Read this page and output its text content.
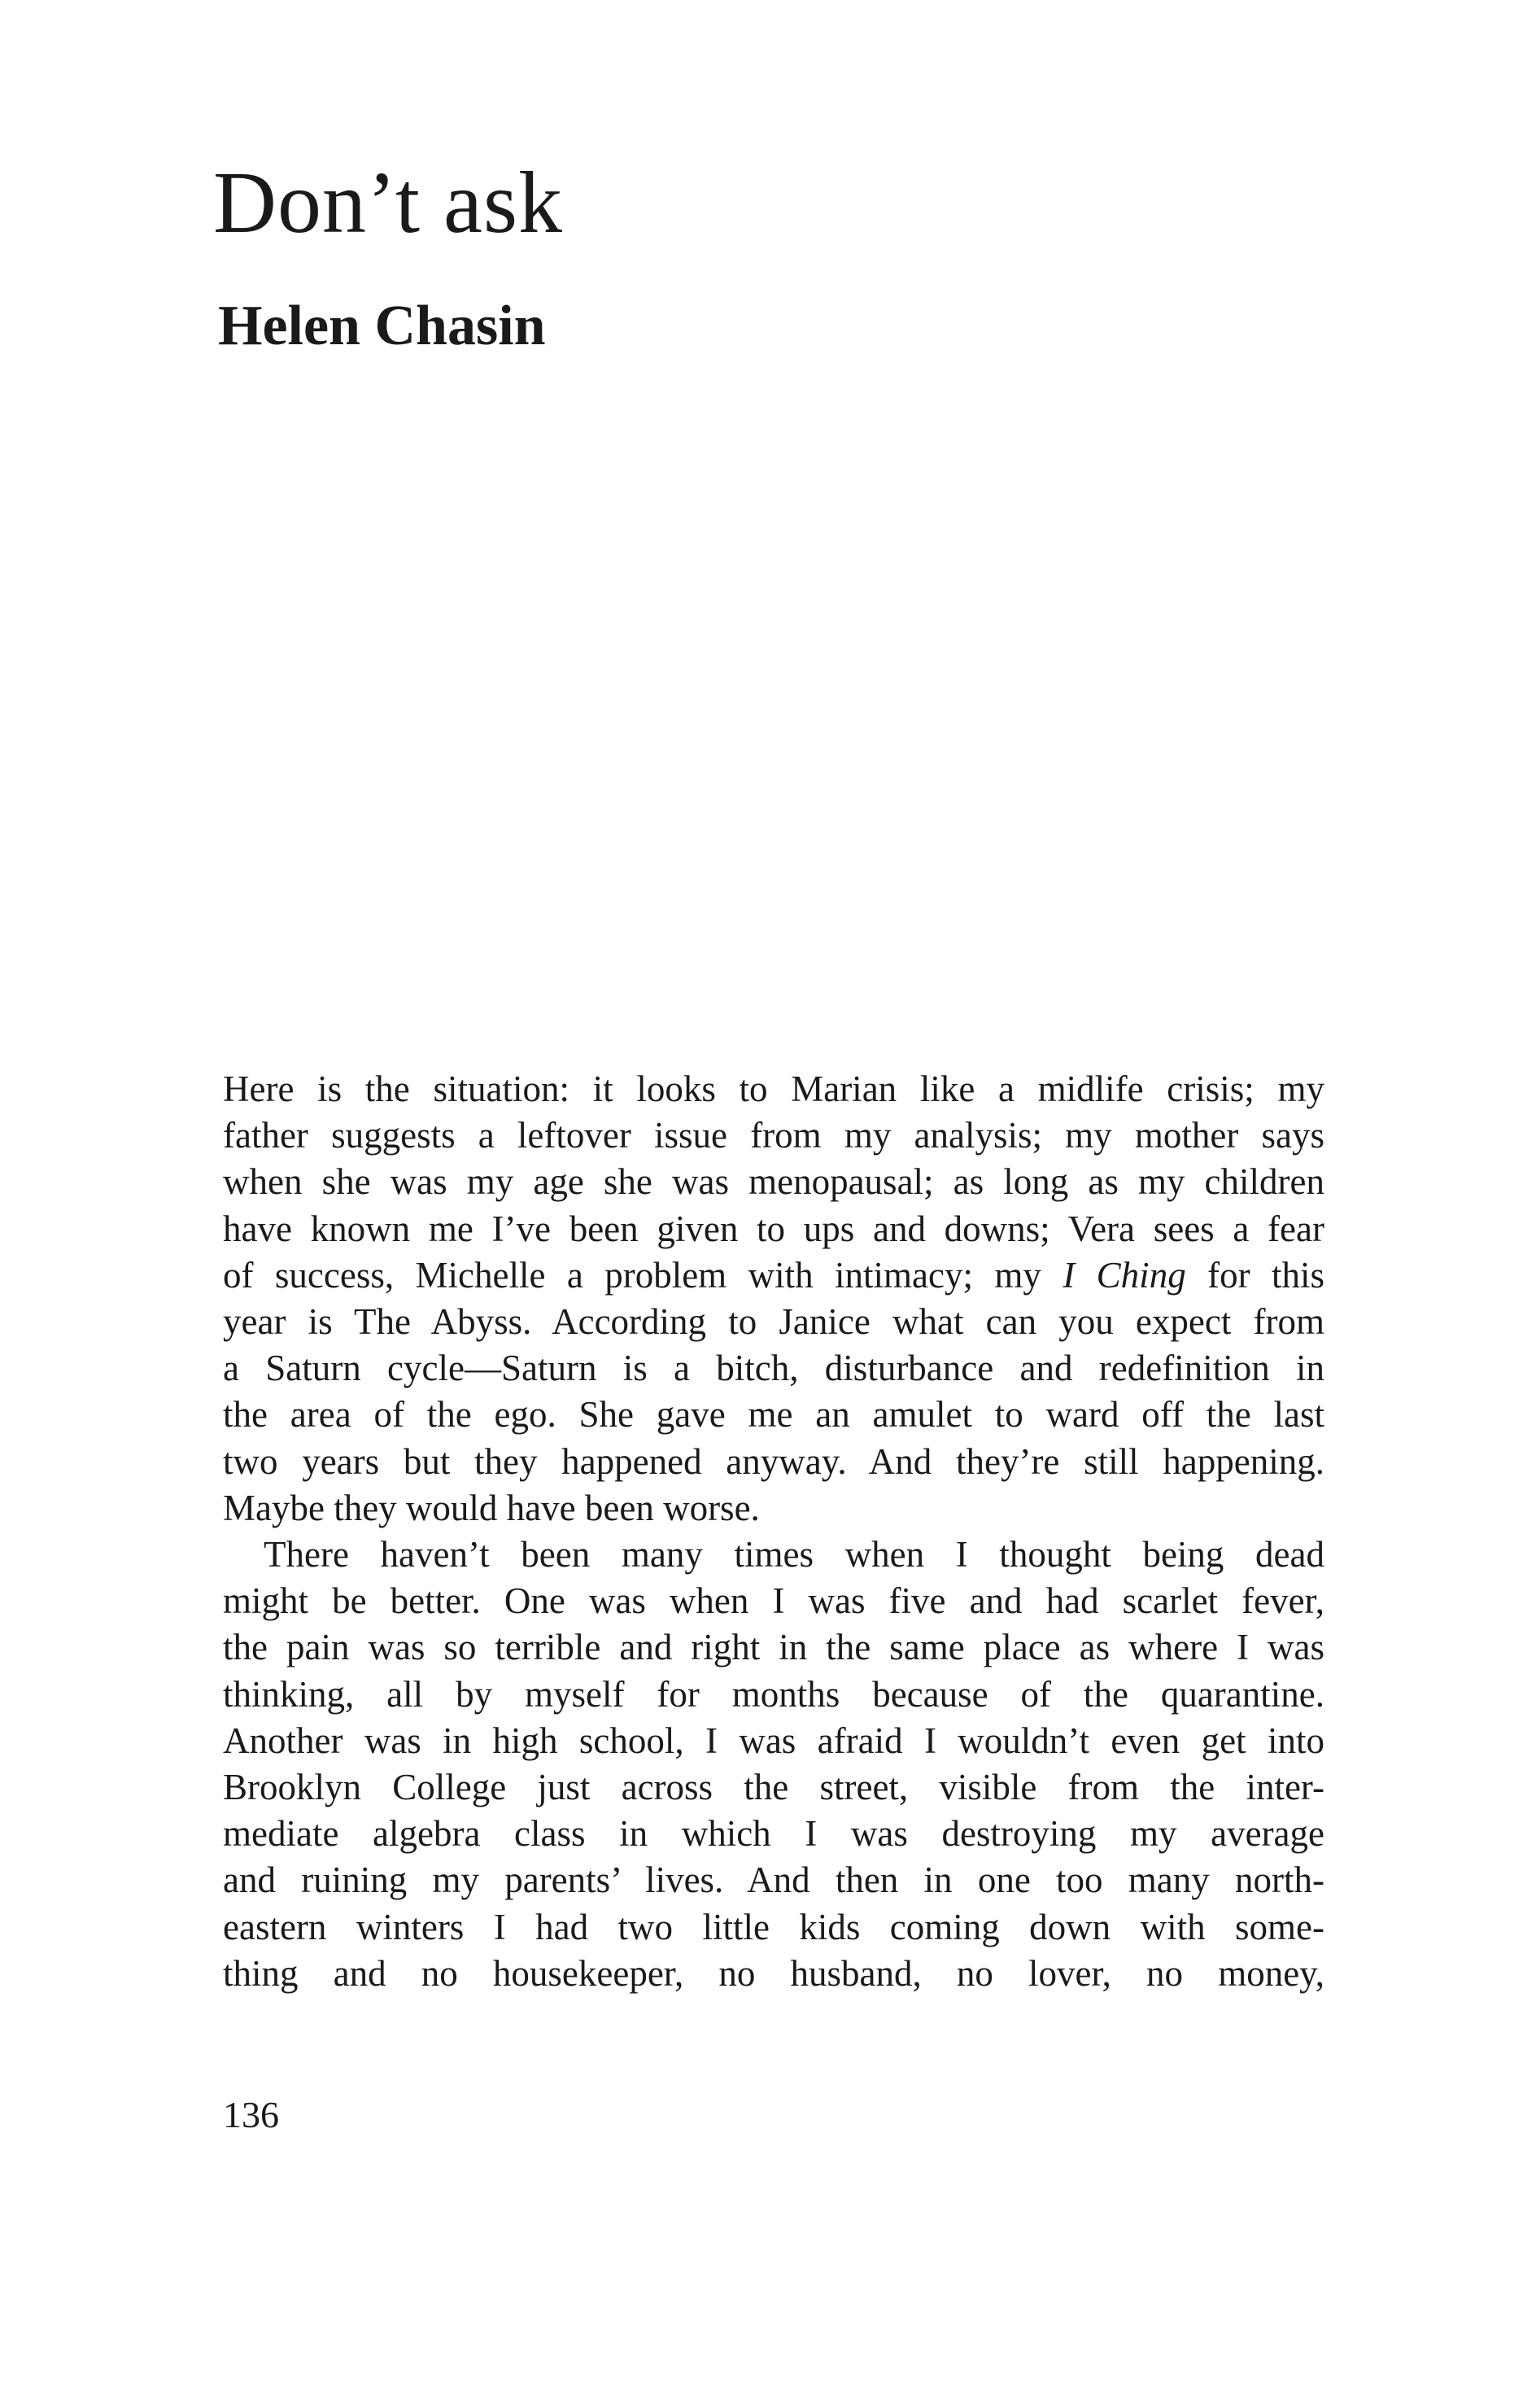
Don’t ask
Helen Chasin

Here is the situation: it looks to Marian like a midlife crisis; my
father suggests a leftover issue from my analysis; my mother says
when she was my age she was menopausal; as long as my children
have known me I’ve been given to ups and downs; Vera sees a fear
of success, Michelle a problem with intimacy; my I Ching for this
year is The Abyss. According to Janice what can you expect from
a Saturn cycle—Saturn is a bitch, disturbance and redefinition in
the area of the ego. She gave me an amulet to ward off the last
two years but they happened anyway. And they’re still happening.
Maybe they would have been worse.

There haven’t been many times when I thought being dead
might be better. One was when I was five and had scarlet fever,
the pain was so terrible and right in the same place as where I was
thinking, all by myself for months because of the quarantine.
Another was in high school, I was afraid I wouldn’t even get into
Brooklyn College just across the street, visible from the inter-
mediate algebra class in which I was destroying my average
and ruining my parents’ lives. And then in one too many north-
eastern winters I had two little kids coming down with some-
thing and no housekeeper, no husband, no lover, no money,

136
